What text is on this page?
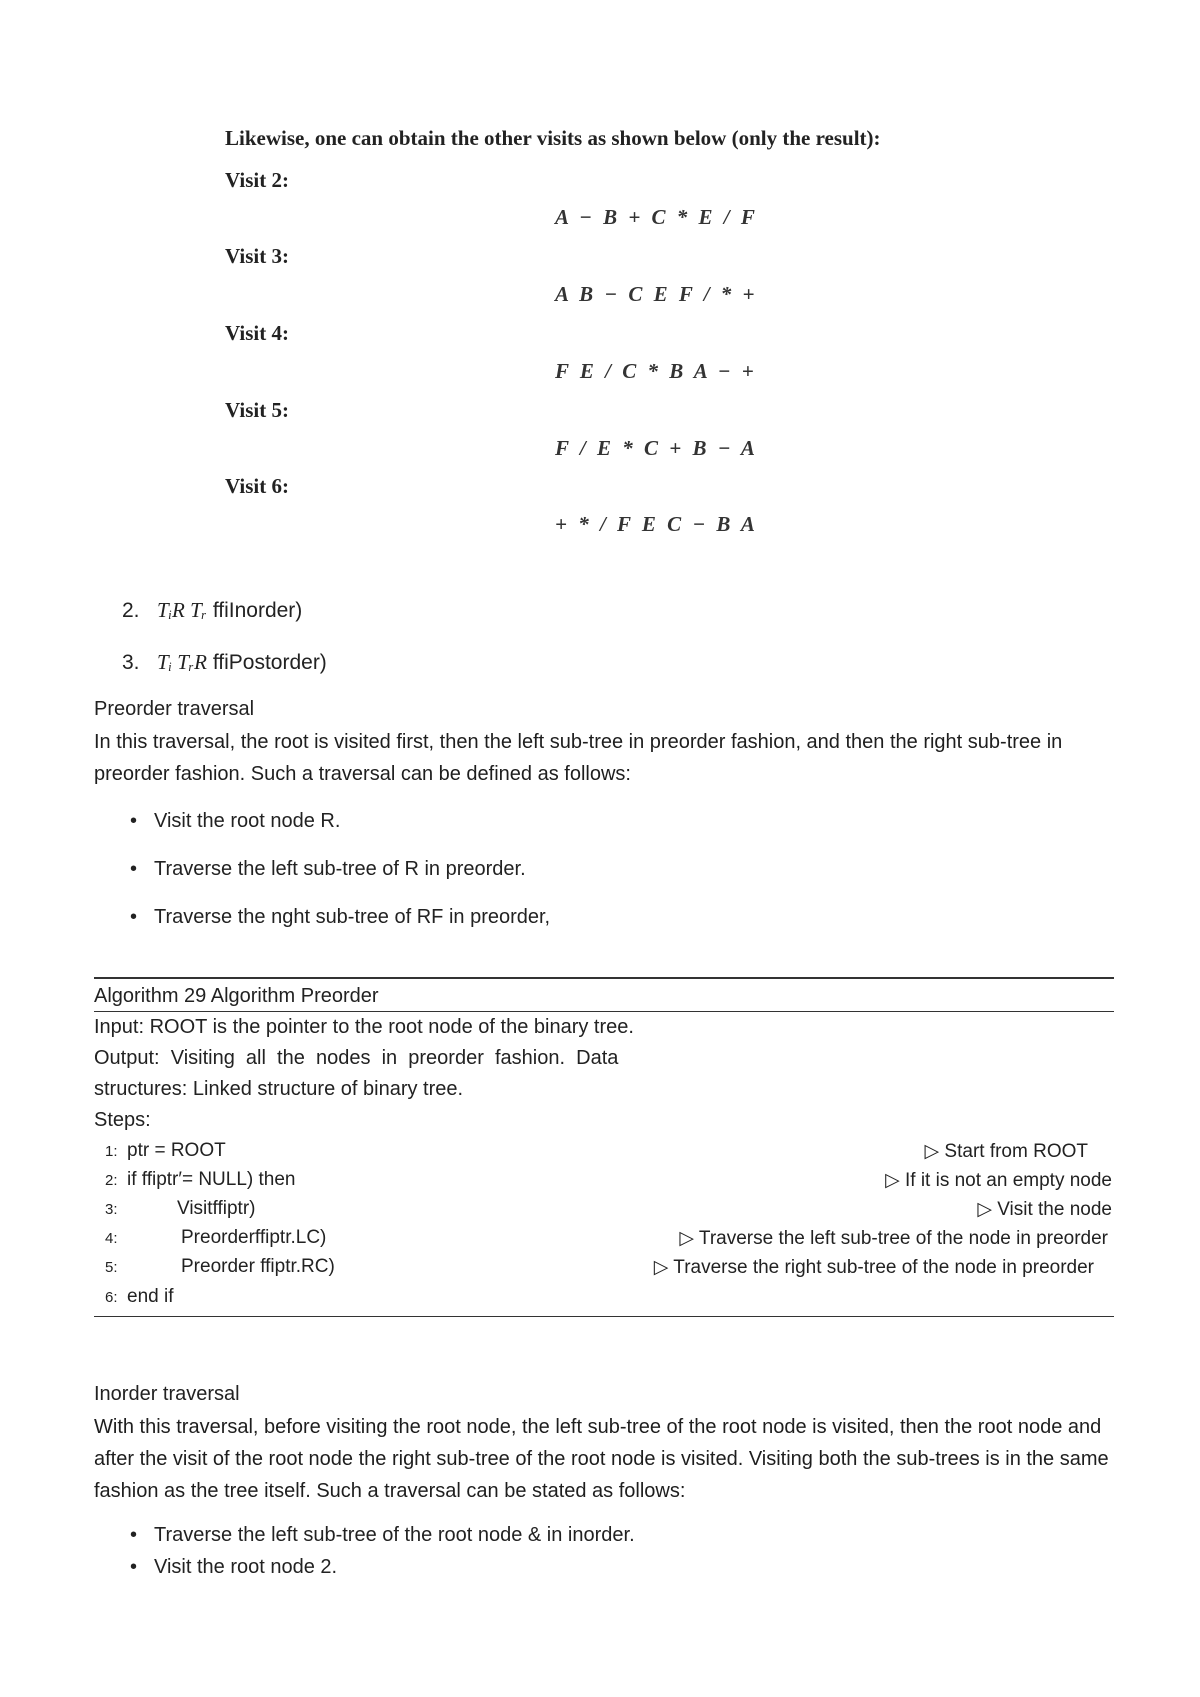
Likewise, one can obtain the other visits as shown below (only the result):
Visit 2:
A − B + C * E / F
Visit 3:
A B − C E F / * +
Visit 4:
F E / C * B A − +
Visit 5:
F / E * C + B − A
Visit 6:
+ * / F E C − B A
2. TᵢR Tᵣ ffiInorder)
3. Tᵢ TᵣR ffiPostorder)
Preorder traversal
In this traversal, the root is visited first, then the left sub-tree in preorder fashion, and then the right sub-tree in preorder fashion. Such a traversal can be defined as follows:
• Visit the root node R.
• Traverse the left sub-tree of R in preorder.
• Traverse the nght sub-tree of RF in preorder,
Algorithm 29 Algorithm Preorder
Input: ROOT is the pointer to the root node of the binary tree.
Output:  Visiting  all  the  nodes  in  preorder  fashion.  Data
structures: Linked structure of binary tree.
Steps:
1: ptr = ROOT	▷ Start from ROOT
2: if ffiptr′= NULL) then	▷ If it is not an empty node
3:	Visitffiptr)	▷ Visit the node
4:	Preorderffiptr.LC)	▷ Traverse the left sub-tree of the node in preorder
5:	Preorder ffiptr.RC)	▷ Traverse the right sub-tree of the node in preorder
6: end if
Inorder traversal
With this traversal, before visiting the root node, the left sub-tree of the root node is visited, then the root node and after the visit of the root node the right sub-tree of the root node is visited. Visiting both the sub-trees is in the same fashion as the tree itself. Such a traversal can be stated as follows:
• Traverse the left sub-tree of the root node & in inorder.
• Visit the root node 2.
